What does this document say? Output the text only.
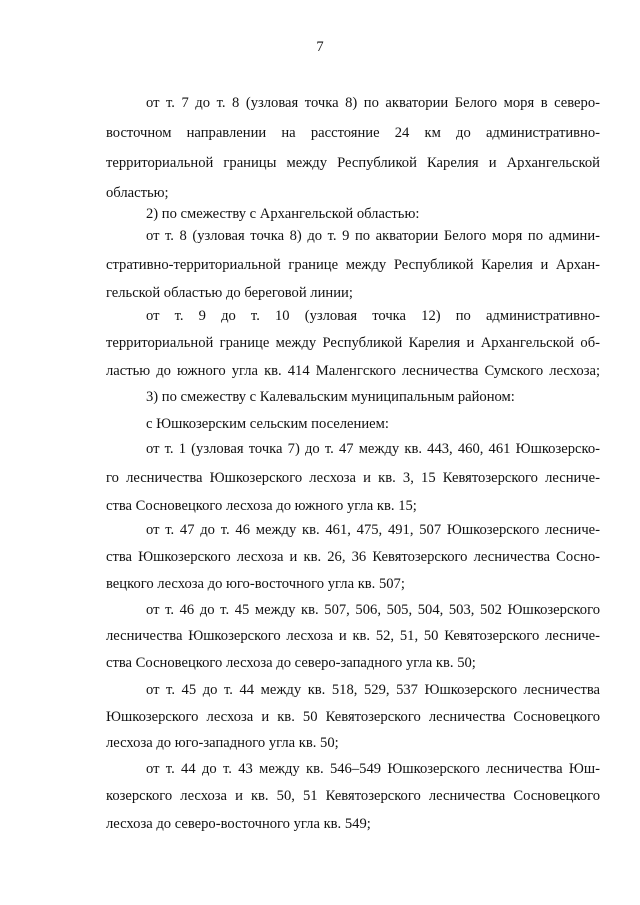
7
от т. 7 до т. 8 (узловая точка 8) по акватории Белого моря в северо-
восточном направлении на расстояние 24 км до административно-
территориальной границы между Республикой Карелия и Архангельской
областью;
2) по смежеству с Архангельской областью:
от т. 8 (узловая точка 8) до т. 9 по акватории Белого моря по админи-
стративно-территориальной границе между Республикой Карелия и Архан-
гельской областью до береговой линии;
от т. 9 до т. 10 (узловая точка 12) по административно-
территориальной границе между Республикой Карелия и Архангельской об-
ластью до южного угла кв. 414 Маленгского лесничества Сумского лесхоза;
3) по смежеству с Калевальским муниципальным районом:
с Юшкозерским сельским поселением:
от т. 1 (узловая точка 7) до т. 47 между кв. 443, 460, 461 Юшкозерско-
го лесничества Юшкозерского лесхоза и кв. 3, 15 Кевятозерского лесниче-
ства Сосновецкого лесхоза до южного угла кв. 15;
от т. 47 до т. 46 между кв. 461, 475, 491, 507 Юшкозерского лесниче-
ства Юшкозерского лесхоза и кв. 26, 36 Кевятозерского лесничества Сосно-
вецкого лесхоза до юго-восточного угла кв. 507;
от т. 46 до т. 45 между кв. 507, 506, 505, 504, 503, 502 Юшкозерского
лесничества Юшкозерского лесхоза и кв. 52, 51, 50 Кевятозерского лесниче-
ства Сосновецкого лесхоза до северо-западного угла кв. 50;
от т. 45 до т. 44 между кв. 518, 529, 537 Юшкозерского лесничества
Юшкозерского лесхоза и кв. 50 Кевятозерского лесничества Сосновецкого
лесхоза до юго-западного угла кв. 50;
от т. 44 до т. 43 между кв. 546–549 Юшкозерского лесничества Юш-
козерского лесхоза и кв. 50, 51 Кевятозерского лесничества Сосновецкого
лесхоза до северо-восточного угла кв. 549;
